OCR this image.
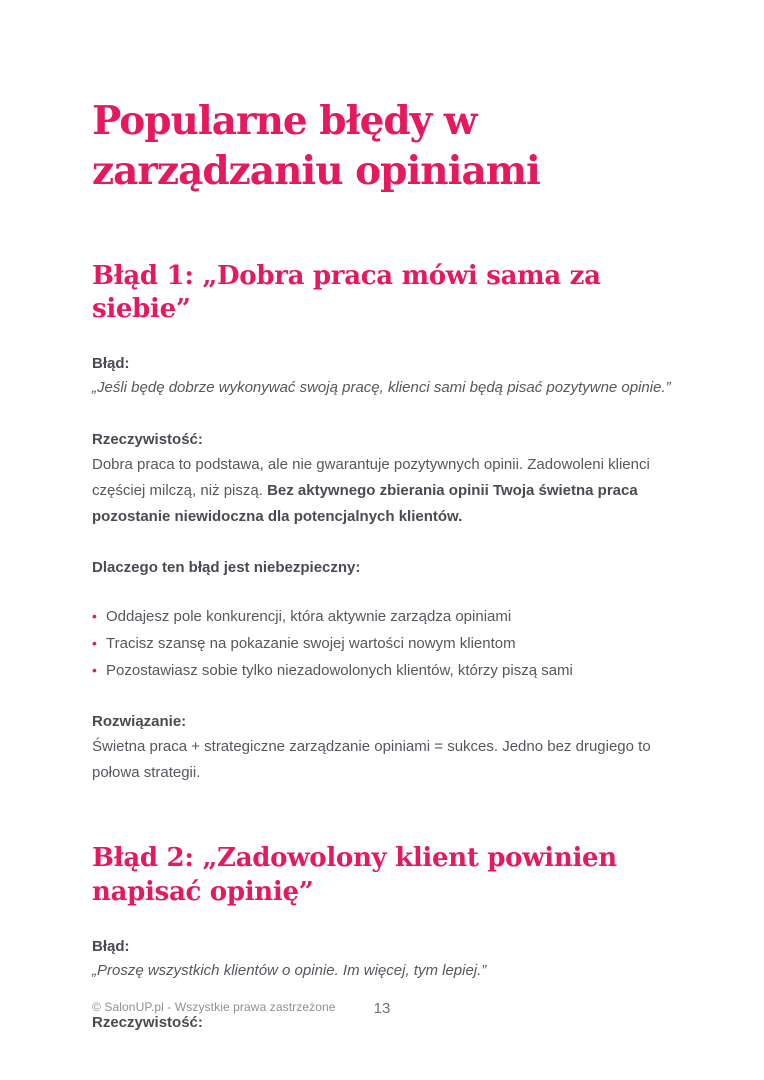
Popularne błędy w zarządzaniu opiniami
Błąd 1: „Dobra praca mówi sama za siebie”
Błąd:
„Jeśli będę dobrze wykonywać swoją pracę, klienci sami będą pisać pozytywne opinie.”
Rzeczywistość:

Dobra praca to podstawa, ale nie gwarantuje pozytywnych opinii. Zadowoleni klienci częściej milczą, niż piszą. Bez aktywnego zbierania opinii Twoja świetna praca pozostanie niewidoczna dla potencjalnych klientów.

Dlaczego ten błąd jest niebezpieczny:
• Oddajesz pole konkurencji, która aktywnie zarządza opiniami
• Tracisz szansę na pokazanie swojej wartości nowym klientom
• Pozostawiasz sobie tylko niezadowolonych klientów, którzy piszą sami
Rozwiązanie:

Świetna praca + strategiczne zarządzanie opiniami = sukces. Jedno bez drugiego to połowa strategii.

Błąd 2: „Zadowolony klient powinien napisać opinię”
Błąd:
„Proszę wszystkich klientów o opinie. Im więcej, tym lepiej.”
Rzeczywistość:
© SalonUP.pl - Wszystkie prawa zastrzeżone	13
